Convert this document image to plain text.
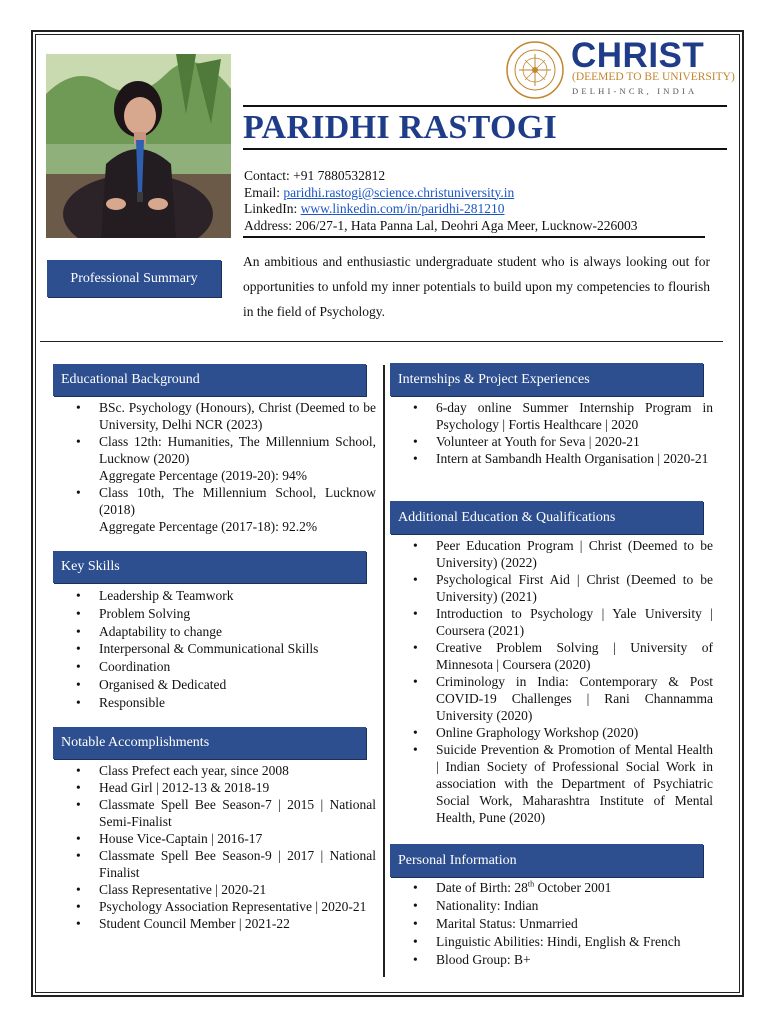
CHRIST
(DEEMED TO BE UNIVERSITY)
DELHI-NCR, INDIA
PARIDHI RASTOGI
Contact: +91 7880532812
Email: paridhi.rastogi@science.christuniversity.in
LinkedIn: www.linkedin.com/in/paridhi-281210
Address: 206/27-1, Hata Panna Lal, Deohri Aga Meer, Lucknow-226003
Professional Summary
An ambitious and enthusiastic undergraduate student who is always looking out for opportunities to unfold my inner potentials to build upon my competencies to flourish in the field of Psychology.
Educational Background
• BSc. Psychology (Honours), Christ (Deemed to be University, Delhi NCR (2023)
• Class 12th: Humanities, The Millennium School, Lucknow (2020)
Aggregate Percentage (2019-20): 94%
• Class 10th, The Millennium School, Lucknow (2018)
Aggregate Percentage (2017-18): 92.2%
Key Skills
• Leadership & Teamwork
• Problem Solving
• Adaptability to change
• Interpersonal & Communicational Skills
• Coordination
• Organised & Dedicated
• Responsible
Notable Accomplishments
• Class Prefect each year, since 2008
• Head Girl | 2012-13 & 2018-19
• Classmate Spell Bee Season-7 | 2015 | National Semi-Finalist
• House Vice-Captain | 2016-17
• Classmate Spell Bee Season-9 | 2017 | National Finalist
• Class Representative | 2020-21
• Psychology Association Representative | 2020-21
• Student Council Member | 2021-22
Internships & Project Experiences
• 6-day online Summer Internship Program in Psychology | Fortis Healthcare | 2020
• Volunteer at Youth for Seva | 2020-21
• Intern at Sambandh Health Organisation | 2020-21
Additional Education & Qualifications
• Peer Education Program | Christ (Deemed to be University) (2022)
• Psychological First Aid | Christ (Deemed to be University) (2021)
• Introduction to Psychology | Yale University | Coursera (2021)
• Creative Problem Solving | University of Minnesota | Coursera (2020)
• Criminology in India: Contemporary & Post COVID-19 Challenges | Rani Channamma University (2020)
• Online Graphology Workshop (2020)
• Suicide Prevention & Promotion of Mental Health | Indian Society of Professional Social Work in association with the Department of Psychiatric Social Work, Maharashtra Institute of Mental Health, Pune (2020)
Personal Information
• Date of Birth: 28th October 2001
• Nationality: Indian
• Marital Status: Unmarried
• Linguistic Abilities: Hindi, English & French
• Blood Group: B+
